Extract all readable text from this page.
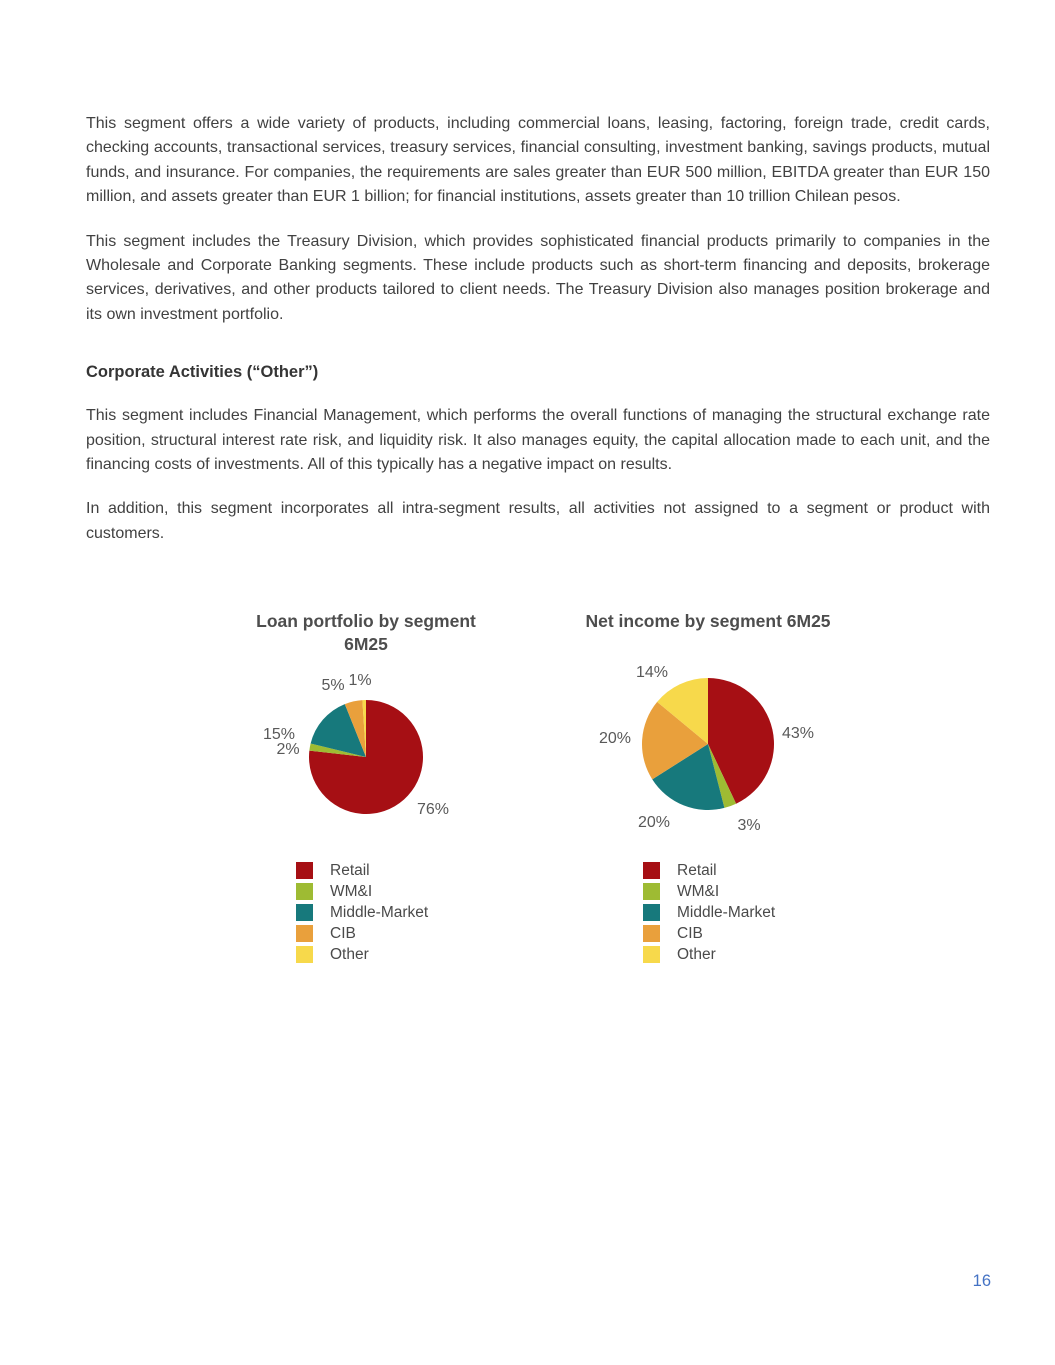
This segment offers a wide variety of products, including commercial loans, leasing, factoring, foreign trade, credit cards, checking accounts, transactional services, treasury services, financial consulting, investment banking, savings products, mutual funds, and insurance. For companies, the requirements are sales greater than EUR 500 million, EBITDA greater than EUR 150 million, and assets greater than EUR 1 billion; for financial institutions, assets greater than 10 trillion Chilean pesos.

This segment includes the Treasury Division, which provides sophisticated financial products primarily to companies in the Wholesale and Corporate Banking segments. These include products such as short-term financing and deposits, brokerage services, derivatives, and other products tailored to client needs. The Treasury Division also manages position brokerage and its own investment portfolio.

Corporate Activities (“Other”)

This segment includes Financial Management, which performs the overall functions of managing the structural exchange rate position, structural interest rate risk, and liquidity risk. It also manages equity, the capital allocation made to each unit, and the financing costs of investments. All of this typically has a negative impact on results.

In addition, this segment incorporates all intra-segment results, all activities not assigned to a segment or product with customers.

Loan portfolio by segment
6M25
76%
2%
15%
5% 1%
Retail
WM&I
Middle-Market
CIB
Other
Net income by segment 6M25
43%
3%
20%
20%
14%
Retail
WM&I
Middle-Market
CIB
Other
16
